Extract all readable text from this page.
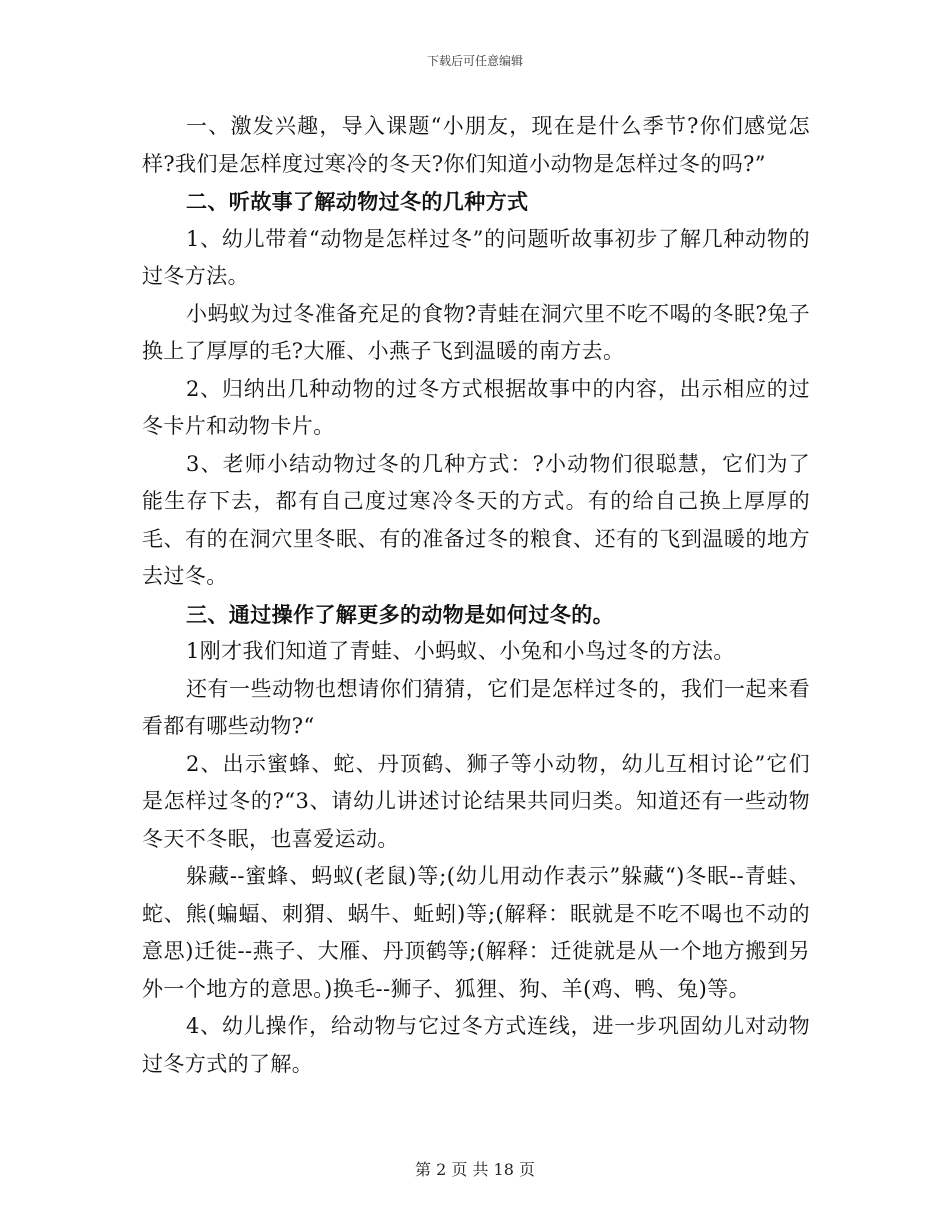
下载后可任意编辑

一、激发兴趣，导入课题“小朋友，现在是什么季节?你们感觉怎样?我们是怎样度过寒冷的冬天?你们知道小动物是怎样过冬的吗?”

二、听故事了解动物过冬的几种方式

1、幼儿带着“动物是怎样过冬”的问题听故事初步了解几种动物的过冬方法。

小蚂蚁为过冬准备充足的食物?青蛙在洞穴里不吃不喝的冬眠?兔子换上了厚厚的毛?大雁、小燕子飞到温暖的南方去。

2、归纳出几种动物的过冬方式根据故事中的内容，出示相应的过冬卡片和动物卡片。

3、老师小结动物过冬的几种方式：?小动物们很聪慧，它们为了能生存下去，都有自己度过寒冷冬天的方式。有的给自己换上厚厚的毛、有的在洞穴里冬眠、有的准备过冬的粮食、还有的飞到温暖的地方去过冬。

三、通过操作了解更多的动物是如何过冬的。

1刚才我们知道了青蛙、小蚂蚁、小兔和小鸟过冬的方法。

还有一些动物也想请你们猜猜，它们是怎样过冬的，我们一起来看看都有哪些动物?“

2、出示蜜蜂、蛇、丹顶鹤、狮子等小动物，幼儿互相讨论”它们是怎样过冬的?“3、请幼儿讲述讨论结果共同归类。知道还有一些动物冬天不冬眠，也喜爱运动。

躲藏--蜜蜂、蚂蚁(老鼠)等;(幼儿用动作表示”躲藏“)冬眠--青蛙、蛇、熊(蝙蝠、刺猬、蜗牛、蚯蚓)等;(解释：眠就是不吃不喝也不动的意思)迁徙--燕子、大雁、丹顶鹤等;(解释：迁徙就是从一个地方搬到另外一个地方的意思。)换毛--狮子、狐狸、狗、羊(鸡、鸭、兔)等。

4、幼儿操作，给动物与它过冬方式连线，进一步巩固幼儿对动物过冬方式的了解。

第 2 页 共 18 页
